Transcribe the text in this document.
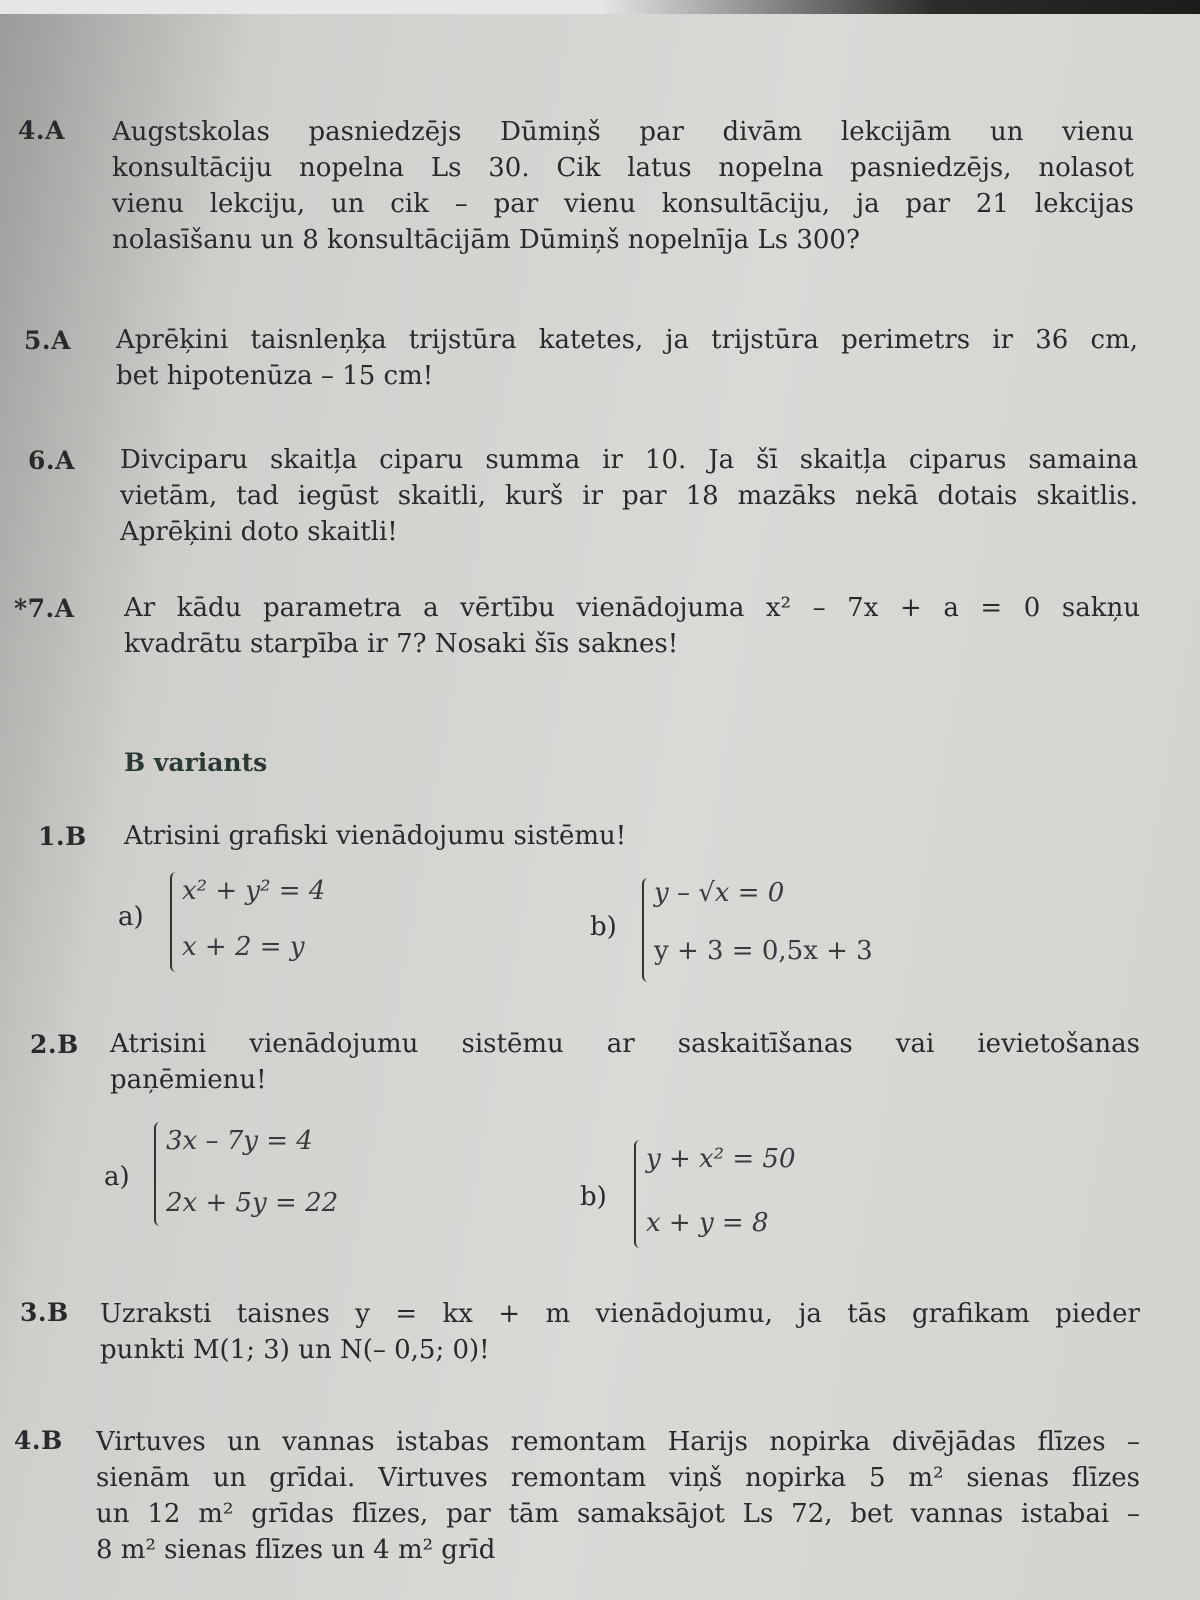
4.A Augstskolas pasniedzējs Dūmiņš par divām lekcijām un vienu

konsultāciju nopelna Ls 30. Cik latus nopelna pasniedzējs, nolasot

vienu lekciju, un cik – par vienu konsultāciju, ja par 21 lekcijas

nolasīšanu un 8 konsultācijām Dūmiņš nopelnīja Ls 300?

5.A Aprēķini taisnleņķa trijstūra katetes, ja trijstūra perimetrs ir 36 cm,

bet hipotenūza – 15 cm!

6.A Divciparu skaitļa ciparu summa ir 10. Ja šī skaitļa ciparus samaina

vietām, tad iegūst skaitli, kurš ir par 18 mazāks nekā dotais skaitlis.

Aprēķini doto skaitli!

*7.A Ar kādu parametra a vērtību vienādojuma x² – 7x + a = 0 sakņu

kvadrātu starpība ir 7? Nosaki šīs saknes!

B variants
1.B Atrisini grafiski vienādojumu sistēmu!

a)
x² + y² = 4
x + 2 = y
b)
y – √x = 0
y + 3 = 0,5x + 3
2.B Atrisini vienādojumu sistēmu ar saskaitīšanas vai ievietošanas

paņēmienu!

a)
3x – 7y = 4
2x + 5y = 22	b)
y + x² = 50
x + y = 8
3.B Uzraksti taisnes y = kx + m vienādojumu, ja tās grafikam pieder

punkti M(1; 3) un N(– 0,5; 0)!

4.B Virtuves un vannas istabas remontam Harijs nopirka divējādas flīzes –

sienām un grīdai. Virtuves remontam viņš nopirka 5 m² sienas flīzes

un 12 m² grīdas flīzes, par tām samaksājot Ls 72, bet vannas istabai –

8 m² sienas flīzes un 4 m² grīd
